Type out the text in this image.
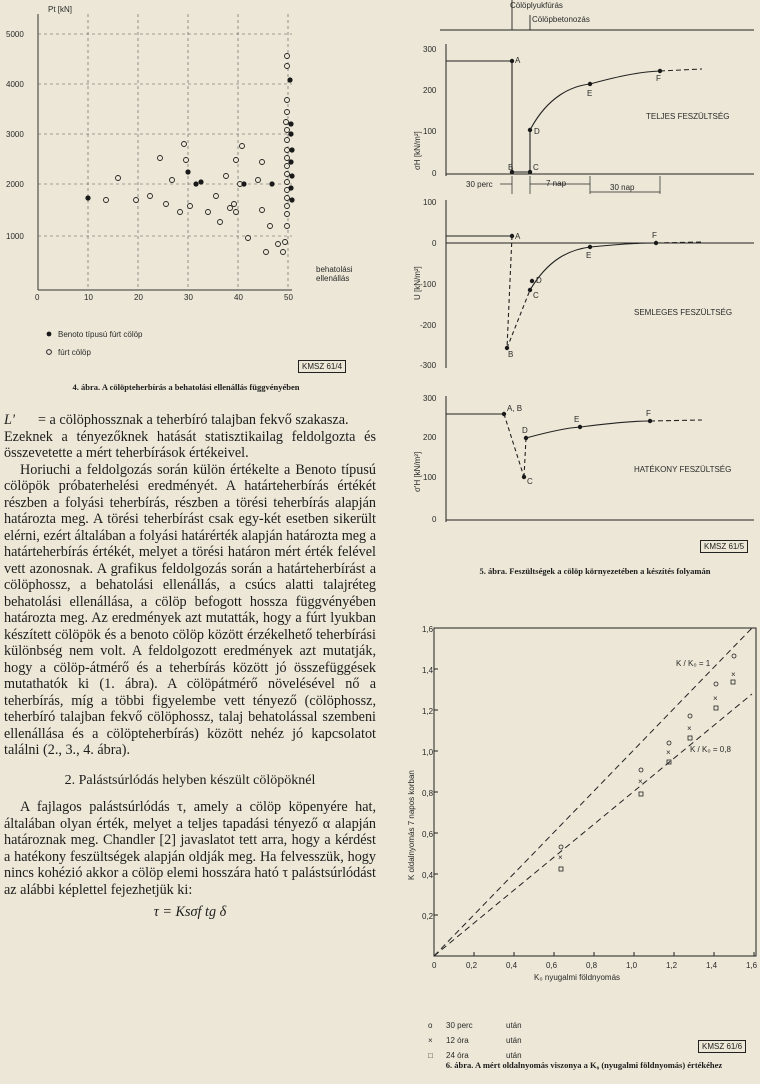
Pt [kN]
5000
4000
3000
2000
1000
0	10	20	30	40	50
behatolási
ellenállás
Benoto típusú fúrt cölöp
fúrt cölöp
Cölöplyukfúrás
Cölöpbetonozás
300
200
100
0
σH [kN/m²]
A
B C
D
E
F
TELJES FESZÜLTSÉG
30 perc	7 nap	30 nap
100
0
-100
-200
-300
U [kN/m²]
A
B
C
D
E
F
SEMLEGES FESZÜLTSÉG
300
200
100
0
σ'H [kN/m²]
A, B
C
D
E
F
HATÉKONY FESZÜLTSÉG
1,6
1,4
1,2
1,0
0,8
0,6
0,4
0,2
0	0,2	0,4	0,6	0,8	1,0	1,2	1,4	1,6
K oldalnyomás 7 napos korban
K₀ nyugalmi földnyomás
K / K₀ = 1
K / K₀ = 0,8
×
×
×
×
×
×
o 30 perc	után
× 12 óra	után
□ 24 óra	után
KMSZ 61/4
4. ábra. A cölöpteherbírás a behatolási ellenállás függvényében
KMSZ 61/5
5. ábra. Feszültségek a cölöp környezetében a készítés folyamán
KMSZ 61/6
6. ábra. A mért oldalnyomás viszonya a K₀ (nyugalmi földnyomás) értékéhez
L'	= a cölöphossznak a teherbíró talajban fekvő szakasza.

Ezeknek a tényezőknek hatását statisztikailag feldolgozta és összevetette a mért teherbírások értékeivel.

Horiuchi a feldolgozás során külön értékelte a Benoto típusú cölöpök próbaterhelési eredményét. A határteherbírás értékét részben a folyási teherbírás, részben a törési teherbírás alapján határozta meg. A törési teherbírást csak egy-két esetben sikerült elérni, ezért általában a folyási határérték alapján határozta meg a határteherbírás értékét, melyet a törési határon mért érték felével vett azonosnak. A grafikus feldolgozás során a határteherbírást a cölöphossz, a behatolási ellenállás, a csúcs alatti talajréteg behatolási ellenállása, a cölöp befogott hossza függvényében határozta meg. Az eredmények azt mutatták, hogy a fúrt lyukban készített cölöpök és a benoto cölöp között érzékelhető teherbírási különbség nem volt. A feldolgozott eredmények azt mutatják, hogy a cölöp-átmérő és a teherbírás között jó összefüggések mutathatók ki (1. ábra). A cölöpátmérő növelésével nő a teherbírás, míg a többi figyelembe vett tényező (cölöphossz, teherbíró talajban fekvő cölöphossz, talaj behatolással szembeni ellenállása és a cölöpteherbírás) között nehéz jó kapcsolatot találni (2., 3., 4. ábra).

2. Palástsúrlódás helyben készült cölöpöknél

A fajlagos palástsúrlódás τ, amely a cölöp köpenyére hat, általában olyan érték, melyet a teljes tapadási tényező α alapján határoznak meg. Chandler [2] javaslatot tett arra, hogy a kérdést a hatékony feszültségek alapján oldják meg. Ha felvesszük, hogy nincs kohézió akkor a cölöp elemi hosszára ható τ palástsúrlódást az alábbi képlettel fejezhetjük ki:

τ = Ksσf tg δ
